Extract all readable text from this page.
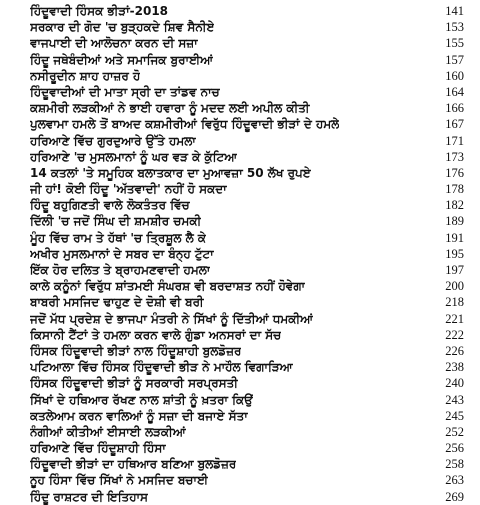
ਹਿੰਦੂਵਾਦੀ ਹਿੰਸਕ ਭੀੜਾਂ-2018	141
ਸਰਕਾਰ ਦੀ ਗੋਦ 'ਚ ਬੁੜ੍ਹਕਦੇ ਸ਼ਿਵ ਸੈਨੀਏ	153
ਵਾਜਪਾਈ ਦੀ ਆਲੋਚਨਾ ਕਰਨ ਦੀ ਸਜ਼ਾ	155
ਹਿੰਦੂ ਜਥੇਬੰਦੀਆਂ ਅਤੇ ਸਮਾਜਿਕ ਬੁਰਾਈਆਂ	157
ਨਸੀਰੂਦੀਨ ਸ਼ਾਹ ਹਾਜ਼ਰ ਹੋ	160
ਹਿੰਦੂਵਾਦੀਆਂ ਦੀ ਮਾਤਾ ਸ੍ਰੀ ਦਾ ਤਾਂਡਵ ਨਾਚ	164
ਕਸ਼ਮੀਰੀ ਲੜਕੀਆਂ ਨੇ ਭਾਈ ਹਵਾਰਾ ਨੂੰ ਮਦਦ ਲਈ ਅਪੀਲ ਕੀਤੀ	166
ਪੁਲਵਾਮਾ ਹਮਲੇ ਤੋਂ ਬਾਅਦ ਕਸ਼ਮੀਰੀਆਂ ਵਿਰੁੱਧ ਹਿੰਦੂਵਾਦੀ ਭੀੜਾਂ ਦੇ ਹਮਲੇ	167
ਹਰਿਆਣੇ ਵਿੱਚ ਗੁਰਦੁਆਰੇ ਉੱਤੇ ਹਮਲਾ	171
ਹਰਿਆਣੇ 'ਚ ਮੁਸਲਮਾਨਾਂ ਨੂੰ ਘਰ ਵੜ ਕੇ ਕੁੱਟਿਆ	173
14 ਕਤਲਾਂ 'ਤੇ ਸਮੂਹਿਕ ਬਲਾਤਕਾਰ ਦਾ ਮੁਆਵਜ਼ਾ 50 ਲੱਖ ਰੁਪਏ	176
ਜੀ ਹਾਂ! ਕੋਈ ਹਿੰਦੂ 'ਅੱਤਵਾਦੀ' ਨਹੀਂ ਹੋ ਸਕਦਾ	178
ਹਿੰਦੂ ਬਹੁਗਿਣਤੀ ਵਾਲੇ ਲੋਕਤੰਤਰ ਵਿੱਚ	182
ਦਿੱਲੀ 'ਚ ਜਦੋਂ ਸਿੰਘ ਦੀ ਸ਼ਮਸ਼ੀਰ ਚਮਕੀ	189
ਮੂੰਹ ਵਿੱਚ ਰਾਮ ਤੇ ਹੱਥਾਂ 'ਚ ਤ੍ਰਿਸ਼ੂਲ ਲੈ ਕੇ	191
ਅਖੀਰ ਮੁਸਲਮਾਨਾਂ ਦੇ ਸਬਰ ਦਾ ਬੰਨ੍ਹ ਟੁੱਟਾ	195
ਇੱਕ ਹੋਰ ਦਲਿਤ ਤੇ ਬ੍ਰਾਹਮਣਵਾਦੀ ਹਮਲਾ	197
ਕਾਲੇ ਕਨੂੰਨਾਂ ਵਿਰੁੱਧ ਸ਼ਾਂਤਮਈ ਸੰਘਰਸ਼ ਵੀ ਬਰਦਾਸ਼ਤ ਨਹੀਂ ਹੋਵੇਗਾ	200
ਬਾਬਰੀ ਮਸਜਿਦ ਢਾਹੁਣ ਦੇ ਦੋਸ਼ੀ ਵੀ ਬਰੀ	218
ਜਦੋਂ ਮੱਧ ਪ੍ਰਦੇਸ਼ ਦੇ ਭਾਜਪਾ ਮੰਤਰੀ ਨੇ ਸਿੱਖਾਂ ਨੂੰ ਦਿੱਤੀਆਂ ਧਮਕੀਆਂ	221
ਕਿਸਾਨੀ ਟੈਂਟਾਂ ਤੇ ਹਮਲਾ ਕਰਨ ਵਾਲੇ ਗੁੰਡਾ ਅਨਸਰਾਂ ਦਾ ਸੱਚ	222
ਹਿੰਸਕ ਹਿੰਦੂਵਾਦੀ ਭੀੜਾਂ ਨਾਲ ਹਿੰਦੂਸ਼ਾਹੀ ਬੁਲਡੋਜ਼ਰ	226
ਪਟਿਆਲਾ ਵਿੱਚ ਹਿੰਸਕ ਹਿੰਦੂਵਾਦੀ ਭੀੜ ਨੇ ਮਾਹੌਲ ਵਿਗਾੜਿਆ	238
ਹਿੰਸਕ ਹਿੰਦੂਵਾਦੀ ਭੀੜਾਂ ਨੂੰ ਸਰਕਾਰੀ ਸਰਪ੍ਰਸਤੀ	240
ਸਿੱਖਾਂ ਦੇ ਹਥਿਆਰ ਰੱਖਣ ਨਾਲ ਸ਼ਾਂਤੀ ਨੂੰ ਖ਼ਤਰਾ ਕਿਉਂ	243
ਕਤਲੇਆਮ ਕਰਨ ਵਾਲਿਆਂ ਨੂੰ ਸਜ਼ਾ ਦੀ ਬਜਾਏ ਸੱਤਾ	245
ਨੰਗੀਆਂ ਕੀਤੀਆਂ ਈਸਾਈ ਲੜਕੀਆਂ	252
ਹਰਿਆਣੇ ਵਿੱਚ ਹਿੰਦੂਸ਼ਾਹੀ ਹਿੰਸਾ	256
ਹਿੰਦੂਵਾਦੀ ਭੀੜਾਂ ਦਾ ਹਥਿਆਰ ਬਣਿਆ ਬੁਲਡੋਜ਼ਰ	258
ਨੂਹ ਹਿੰਸਾ ਵਿੱਚ ਸਿੱਖਾਂ ਨੇ ਮਸਜਿਦ ਬਚਾਈ	263
ਹਿੰਦੂ ਰਾਸ਼ਟਰ ਦੀ ਇਤਿਹਾਸ	269
